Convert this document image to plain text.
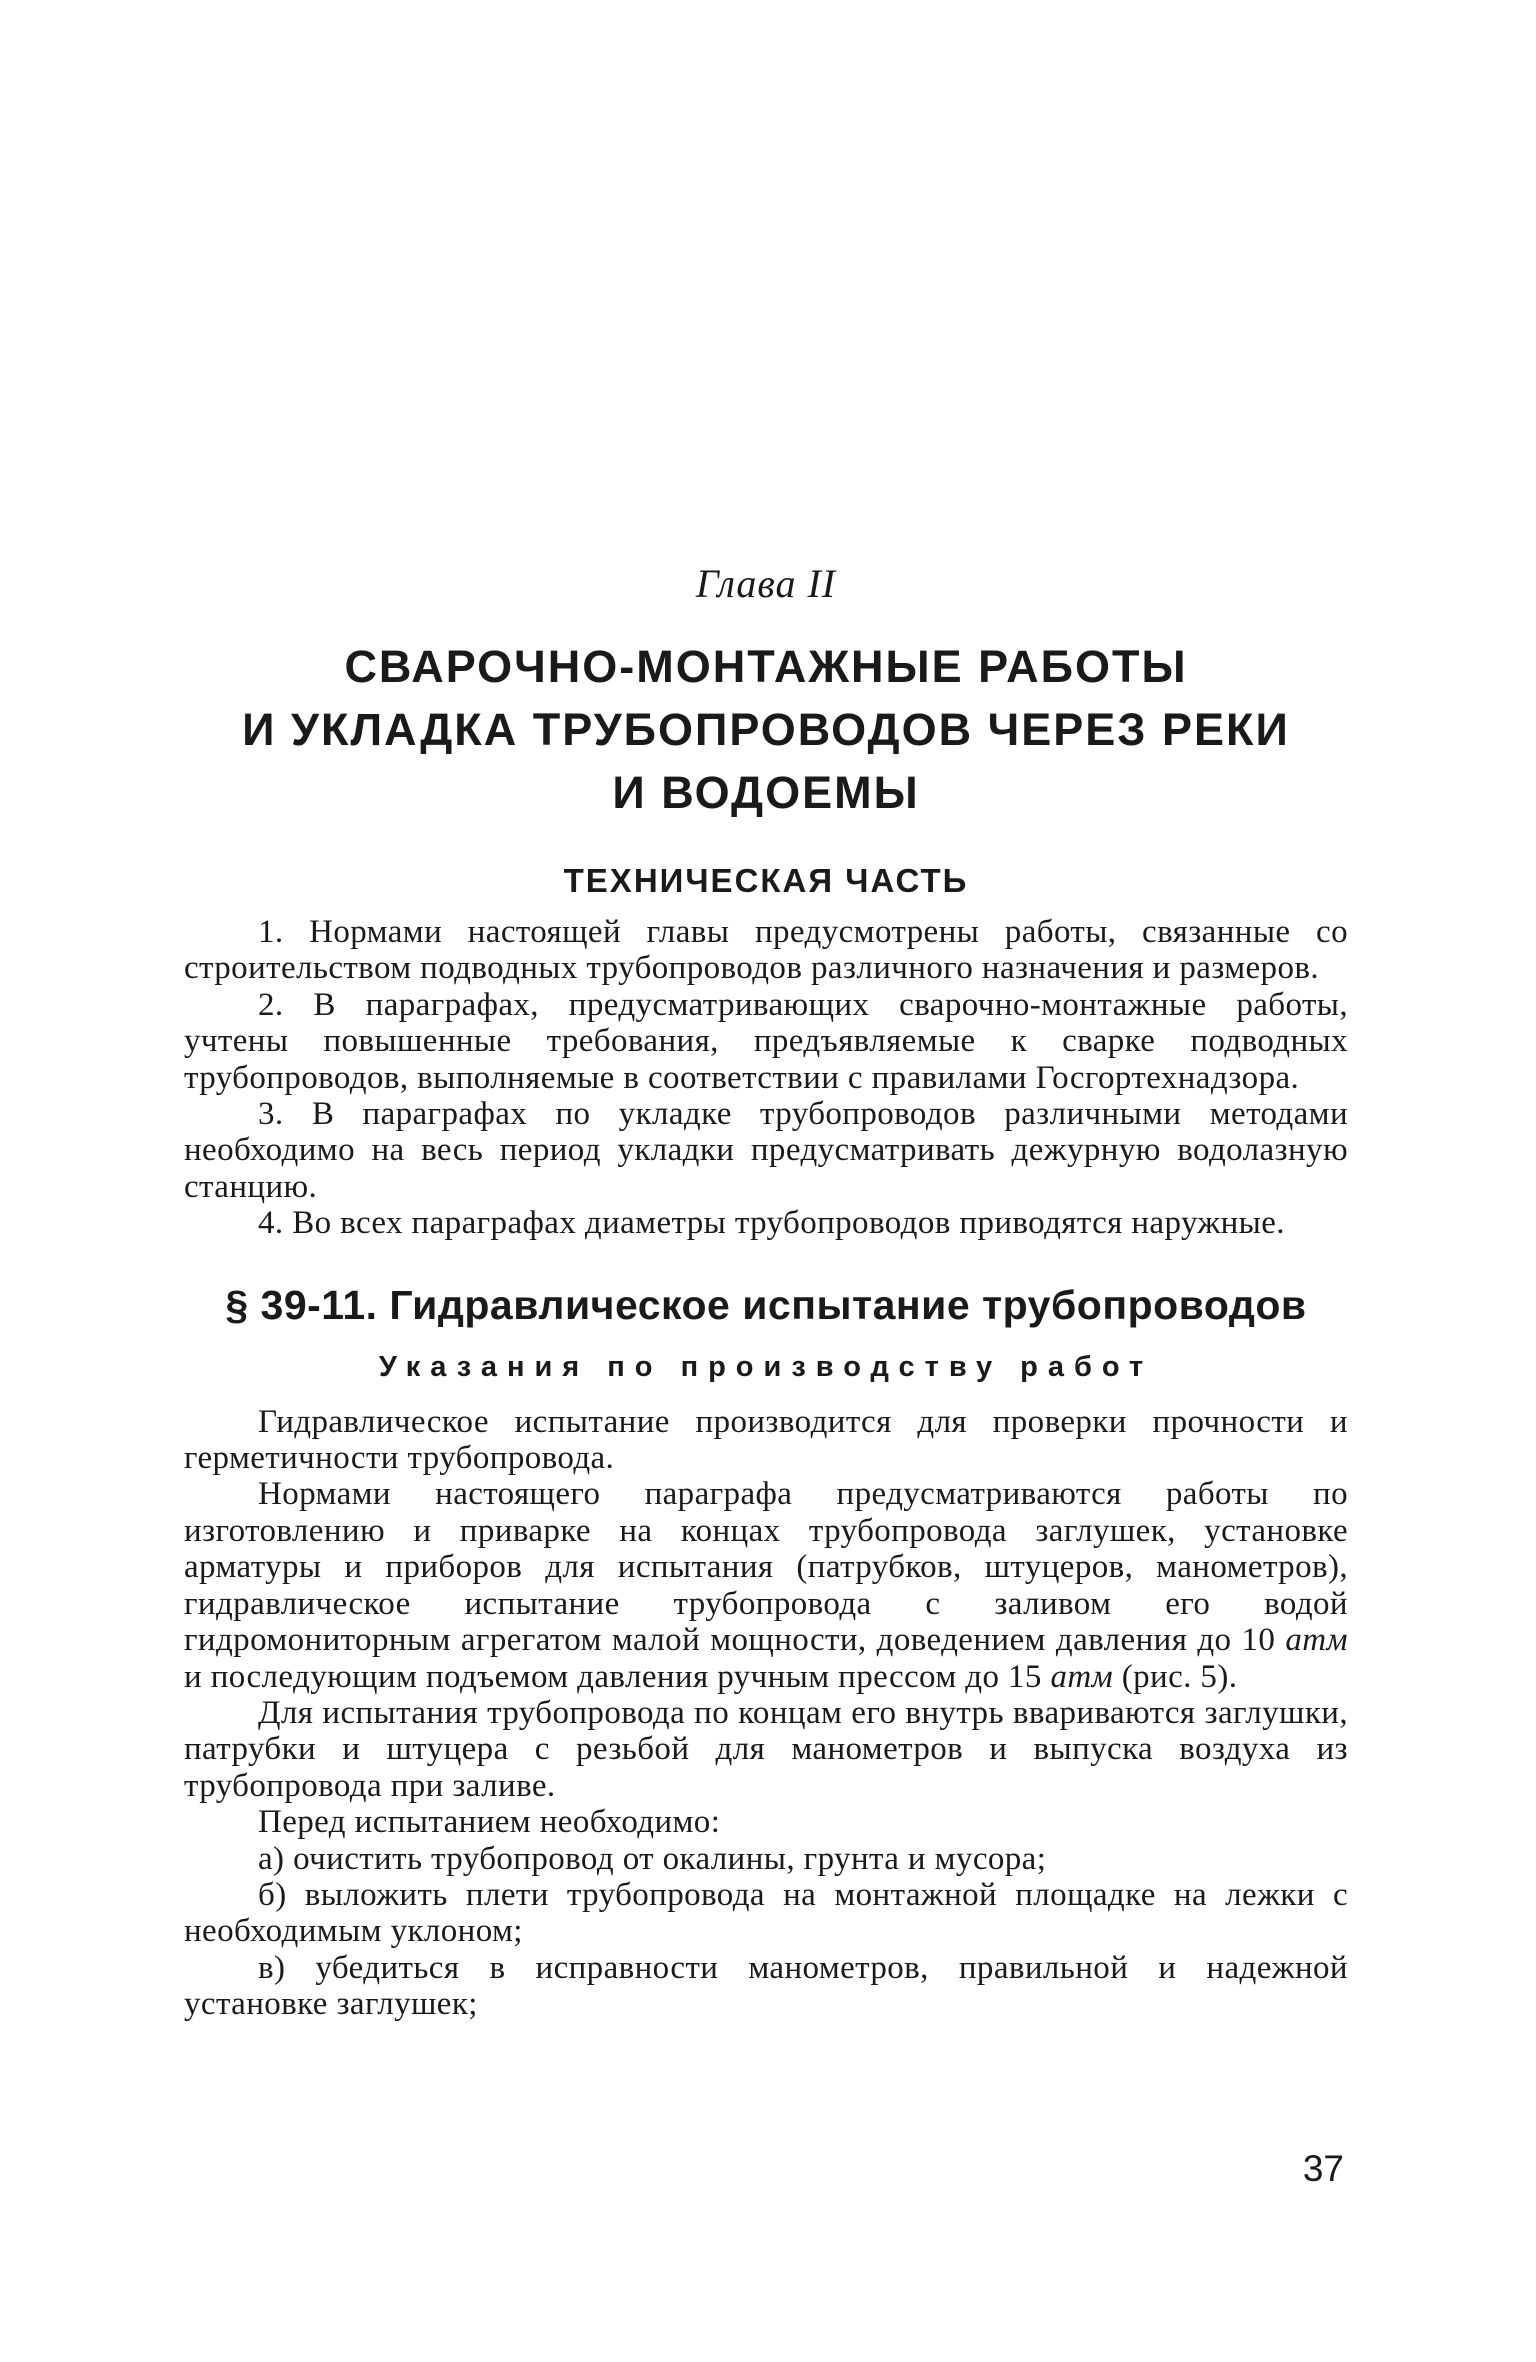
Глава II
СВАРОЧНО-МОНТАЖНЫЕ РАБОТЫ
И УКЛАДКА ТРУБОПРОВОДОВ ЧЕРЕЗ РЕКИ
И ВОДОЕМЫ
ТЕХНИЧЕСКАЯ ЧАСТЬ

1. Нормами настоящей главы предусмотрены работы, связанные со строительством подводных трубопроводов различного назначения и размеров.

2. В параграфах, предусматривающих сварочно-монтажные работы, учтены повышенные требования, предъявляемые к сварке подводных трубопроводов, выполняемые в соответствии с правилами Госгортехнадзора.

3. В параграфах по укладке трубопроводов различными методами необходимо на весь период укладки предусматривать дежурную водолазную станцию.

4. Во всех параграфах диаметры трубопроводов приводятся наружные.

§ 39-11. Гидравлическое испытание трубопроводов
Указания по производству работ

Гидравлическое испытание производится для проверки прочности и герметичности трубопровода.

Нормами настоящего параграфа предусматриваются работы по изготовлению и приварке на концах трубопровода заглушек, установке арматуры и приборов для испытания (патрубков, штуцеров, манометров), гидравлическое испытание трубопровода с заливом его водой гидромониторным агрегатом малой мощности, доведением давления до 10 атм и последующим подъемом давления ручным прессом до 15 атм (рис. 5).

Для испытания трубопровода по концам его внутрь ввариваются заглушки, патрубки и штуцера с резьбой для манометров и выпуска воздуха из трубопровода при заливе.

Перед испытанием необходимо:

а) очистить трубопровод от окалины, грунта и мусора;

б) выложить плети трубопровода на монтажной площадке на лежки с необходимым уклоном;

в) убедиться в исправности манометров, правильной и надежной установке заглушек;

37
